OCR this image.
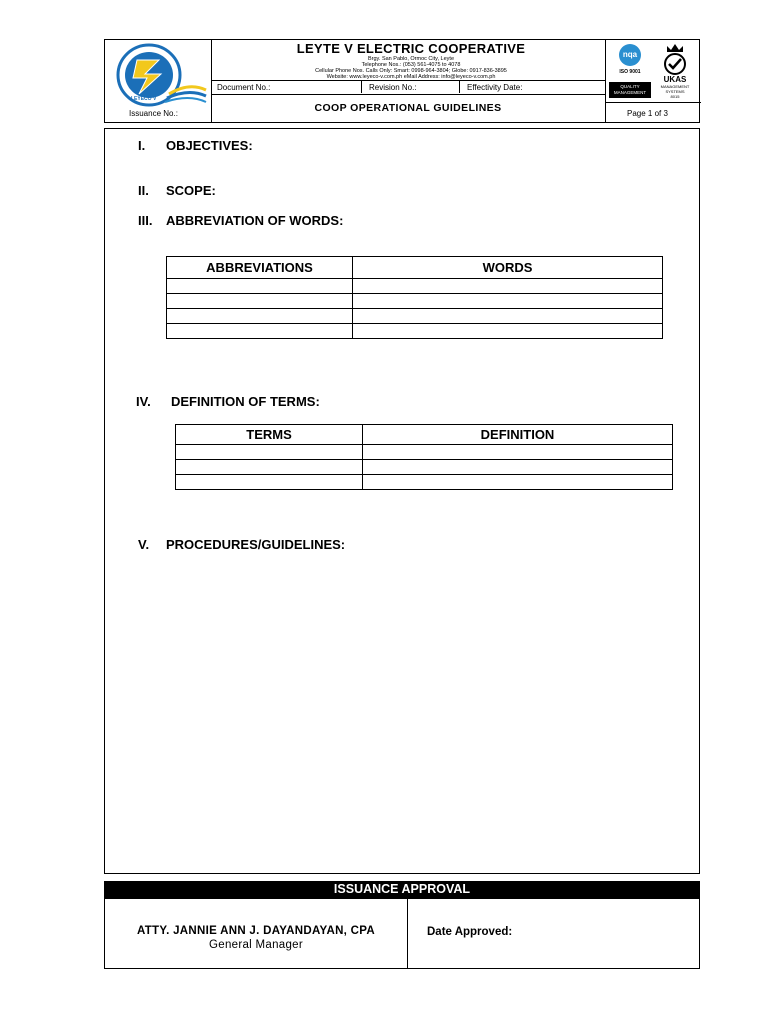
LEYECO V
LEYTE V ELECTRIC COOPERATIVE
Brgy. San Pablo, Ormoc City, Leyte
Telephone Nos.: (053) 561-4075 to 4078
Cellular Phone Nos. Calls Only: Smart: 0998-964-3804; Globe: 0917-836-3895
Website: www.leyeco-v.com.ph eMail Address: info@leyeco-v.com.ph
Document No.:	Revision No.:	Effectivity Date:
COOP OPERATIONAL GUIDELINES
Issuance No.:	Page 1 of 3
nqa
ISO 9001
QUALITY MANAGEMENT
UKAS
MANAGEMENT SYSTEMS
8015
I. OBJECTIVES:
II. SCOPE:
III. ABBREVIATION OF WORDS:
ABBREVIATIONS	WORDS

IV. DEFINITION OF TERMS:
TERMS	DEFINITION

V. PROCEDURES/GUIDELINES:
ISSUANCE APPROVAL
ATTY. JANNIE ANN J. DAYANDAYAN, CPA
General Manager
Date Approved:
